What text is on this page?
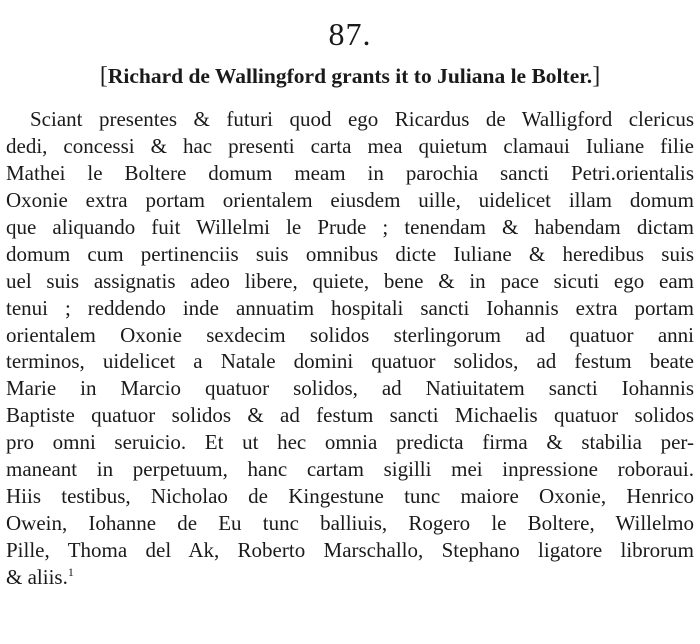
87.
[Richard de Wallingford grants it to Juliana le Bolter.]
Sciant presentes & futuri quod ego Ricardus de Walligford clericus
dedi, concessi & hac presenti carta mea quietum clamaui Iuliane filie
Mathei le Boltere domum meam in parochia sancti Petri.orientalis
Oxonie extra portam orientalem eiusdem uille, uidelicet illam domum
que aliquando fuit Willelmi le Prude ; tenendam & habendam dictam
domum cum pertinenciis suis omnibus dicte Iuliane & heredibus suis
uel suis assignatis adeo libere, quiete, bene & in pace sicuti ego eam
tenui ; reddendo inde annuatim hospitali sancti Iohannis extra portam
orientalem Oxonie sexdecim solidos sterlingorum ad quatuor anni
terminos, uidelicet a Natale domini quatuor solidos, ad festum beate
Marie in Marcio quatuor solidos, ad Natiuitatem sancti Iohannis
Baptiste quatuor solidos & ad festum sancti Michaelis quatuor solidos
pro omni seruicio. Et ut hec omnia predicta firma & stabilia per-
maneant in perpetuum, hanc cartam sigilli mei inpressione roboraui.
Hiis testibus, Nicholao de Kingestune tunc maiore Oxonie, Henrico
Owein, Iohanne de Eu tunc balliuis, Rogero le Boltere, Willelmo
Pille, Thoma del Ak, Roberto Marschallo, Stephano ligatore librorum
& aliis.$^1$
